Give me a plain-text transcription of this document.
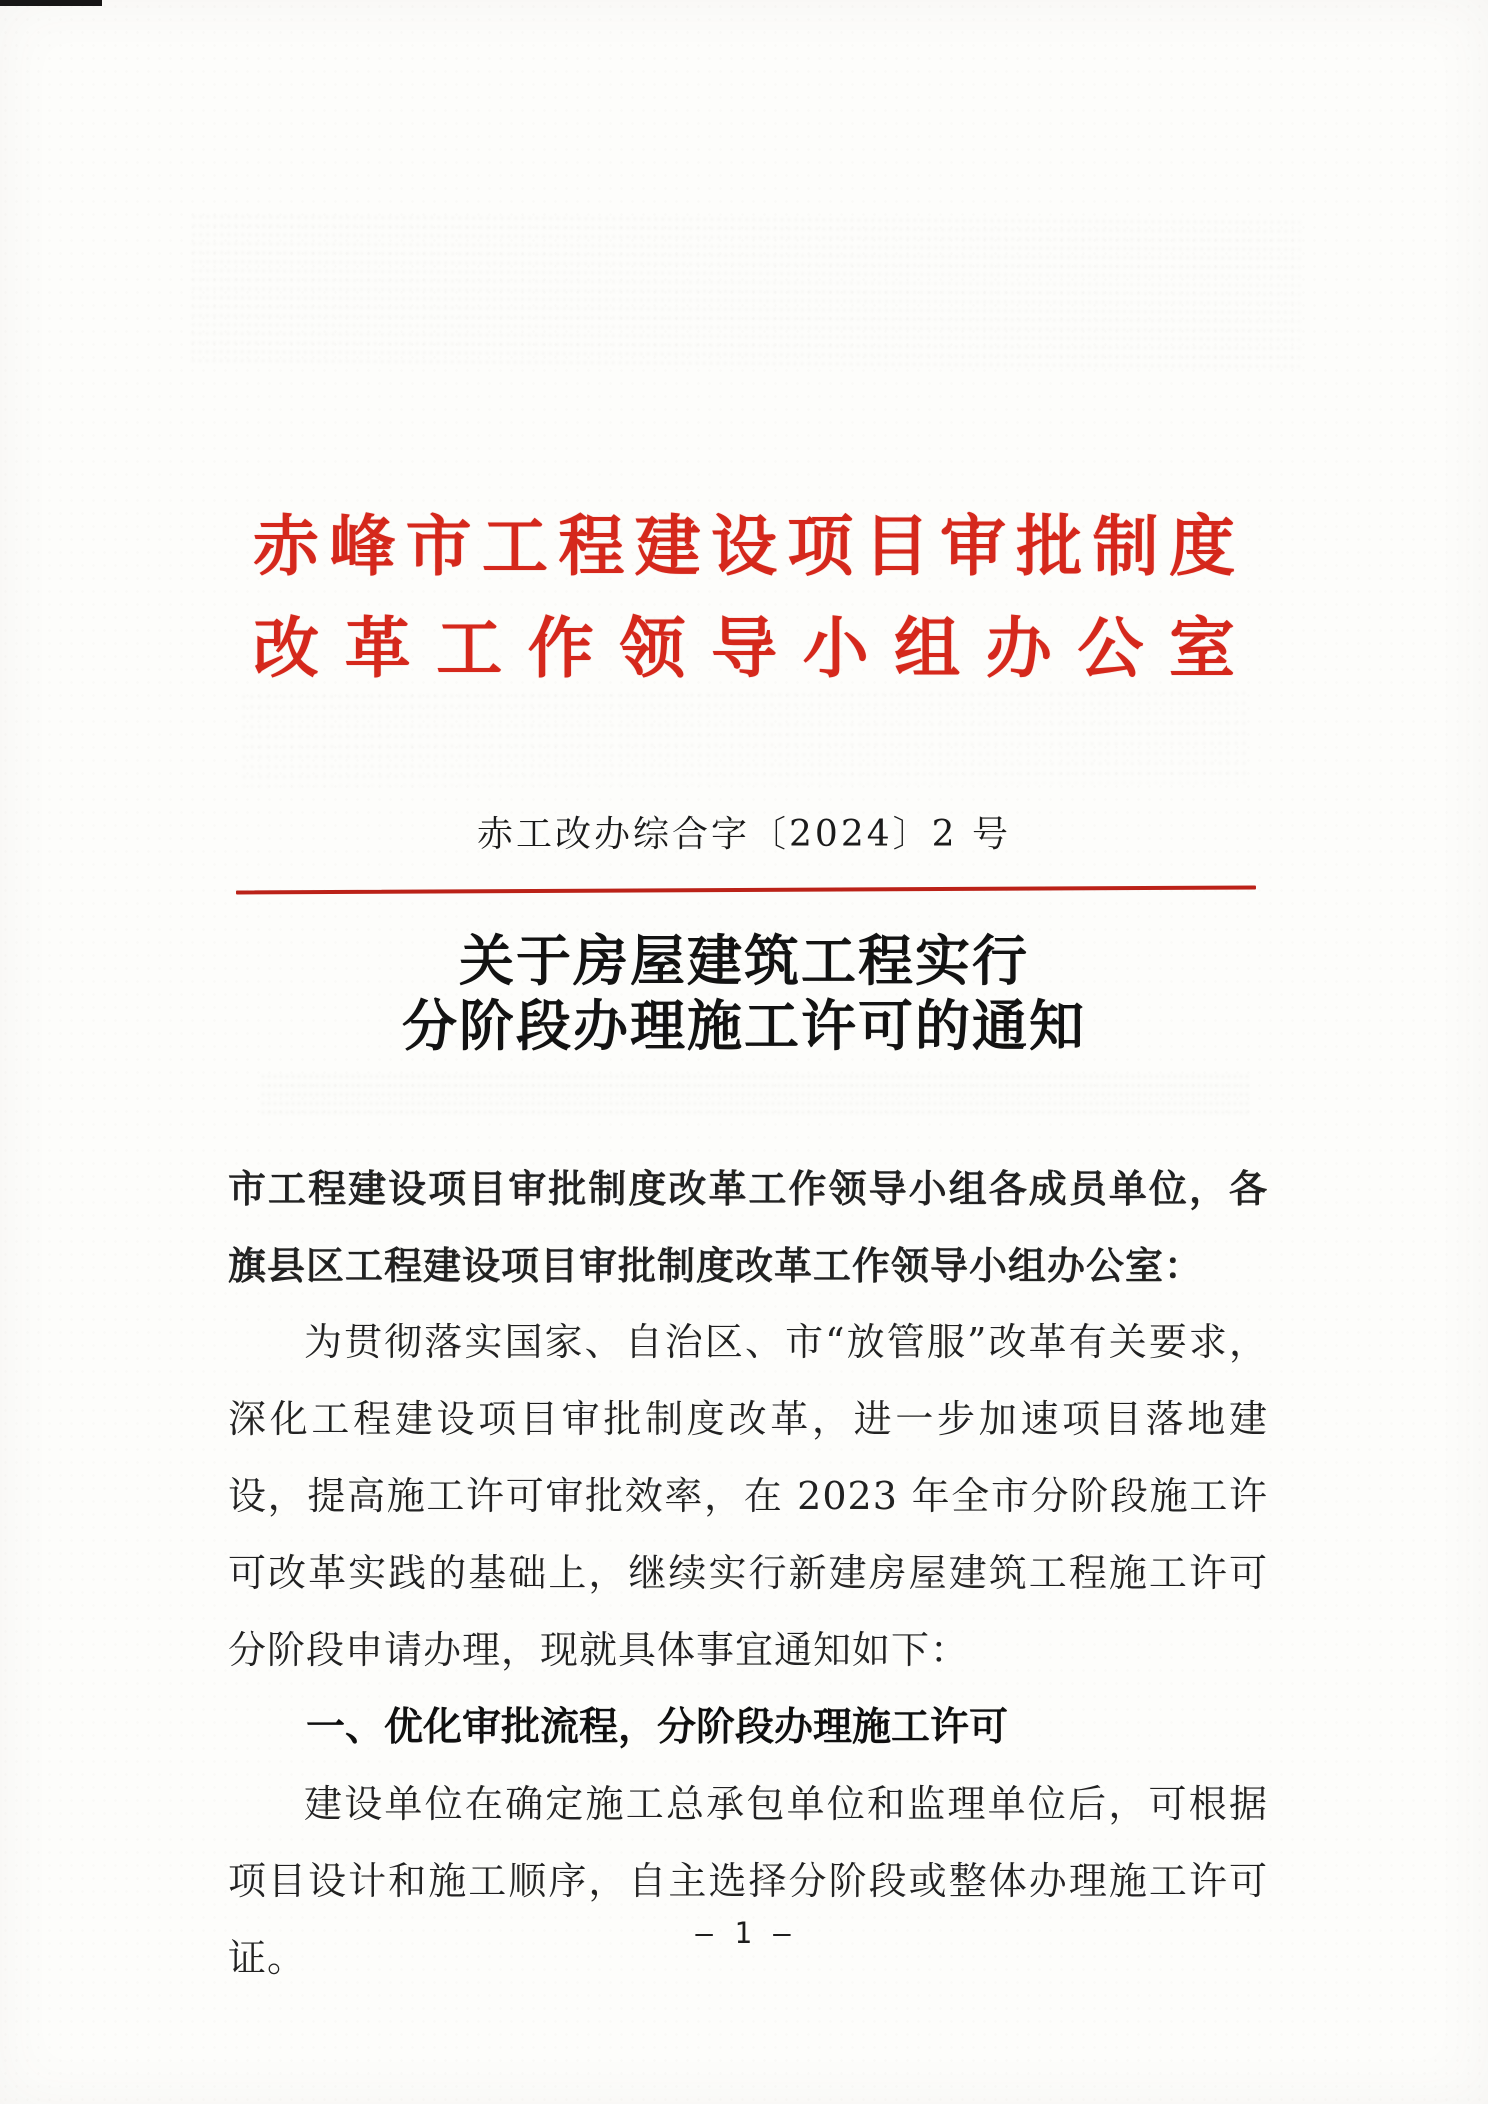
赤 峰 市 工 程 建 设 项 目 审 批 制 度
改 革 工 作 领 导 小 组 办 公 室
赤工改办综合字〔2024〕2 号
关于房屋建筑工程实行
分阶段办理施工许可的通知
市工程建设项目审批制度改革工作领导小组各成员单位，各旗县区工程建设项目审批制度改革工作领导小组办公室：
为贯彻落实国家、自治区、市“放管服”改革有关要求，深化工程建设项目审批制度改革，进一步加速项目落地建设，提高施工许可审批效率，在 2023 年全市分阶段施工许可改革实践的基础上，继续实行新建房屋建筑工程施工许可分阶段申请办理，现就具体事宜通知如下：
一、优化审批流程，分阶段办理施工许可
建设单位在确定施工总承包单位和监理单位后，可根据项目设计和施工顺序，自主选择分阶段或整体办理施工许可证。
— 1 —
